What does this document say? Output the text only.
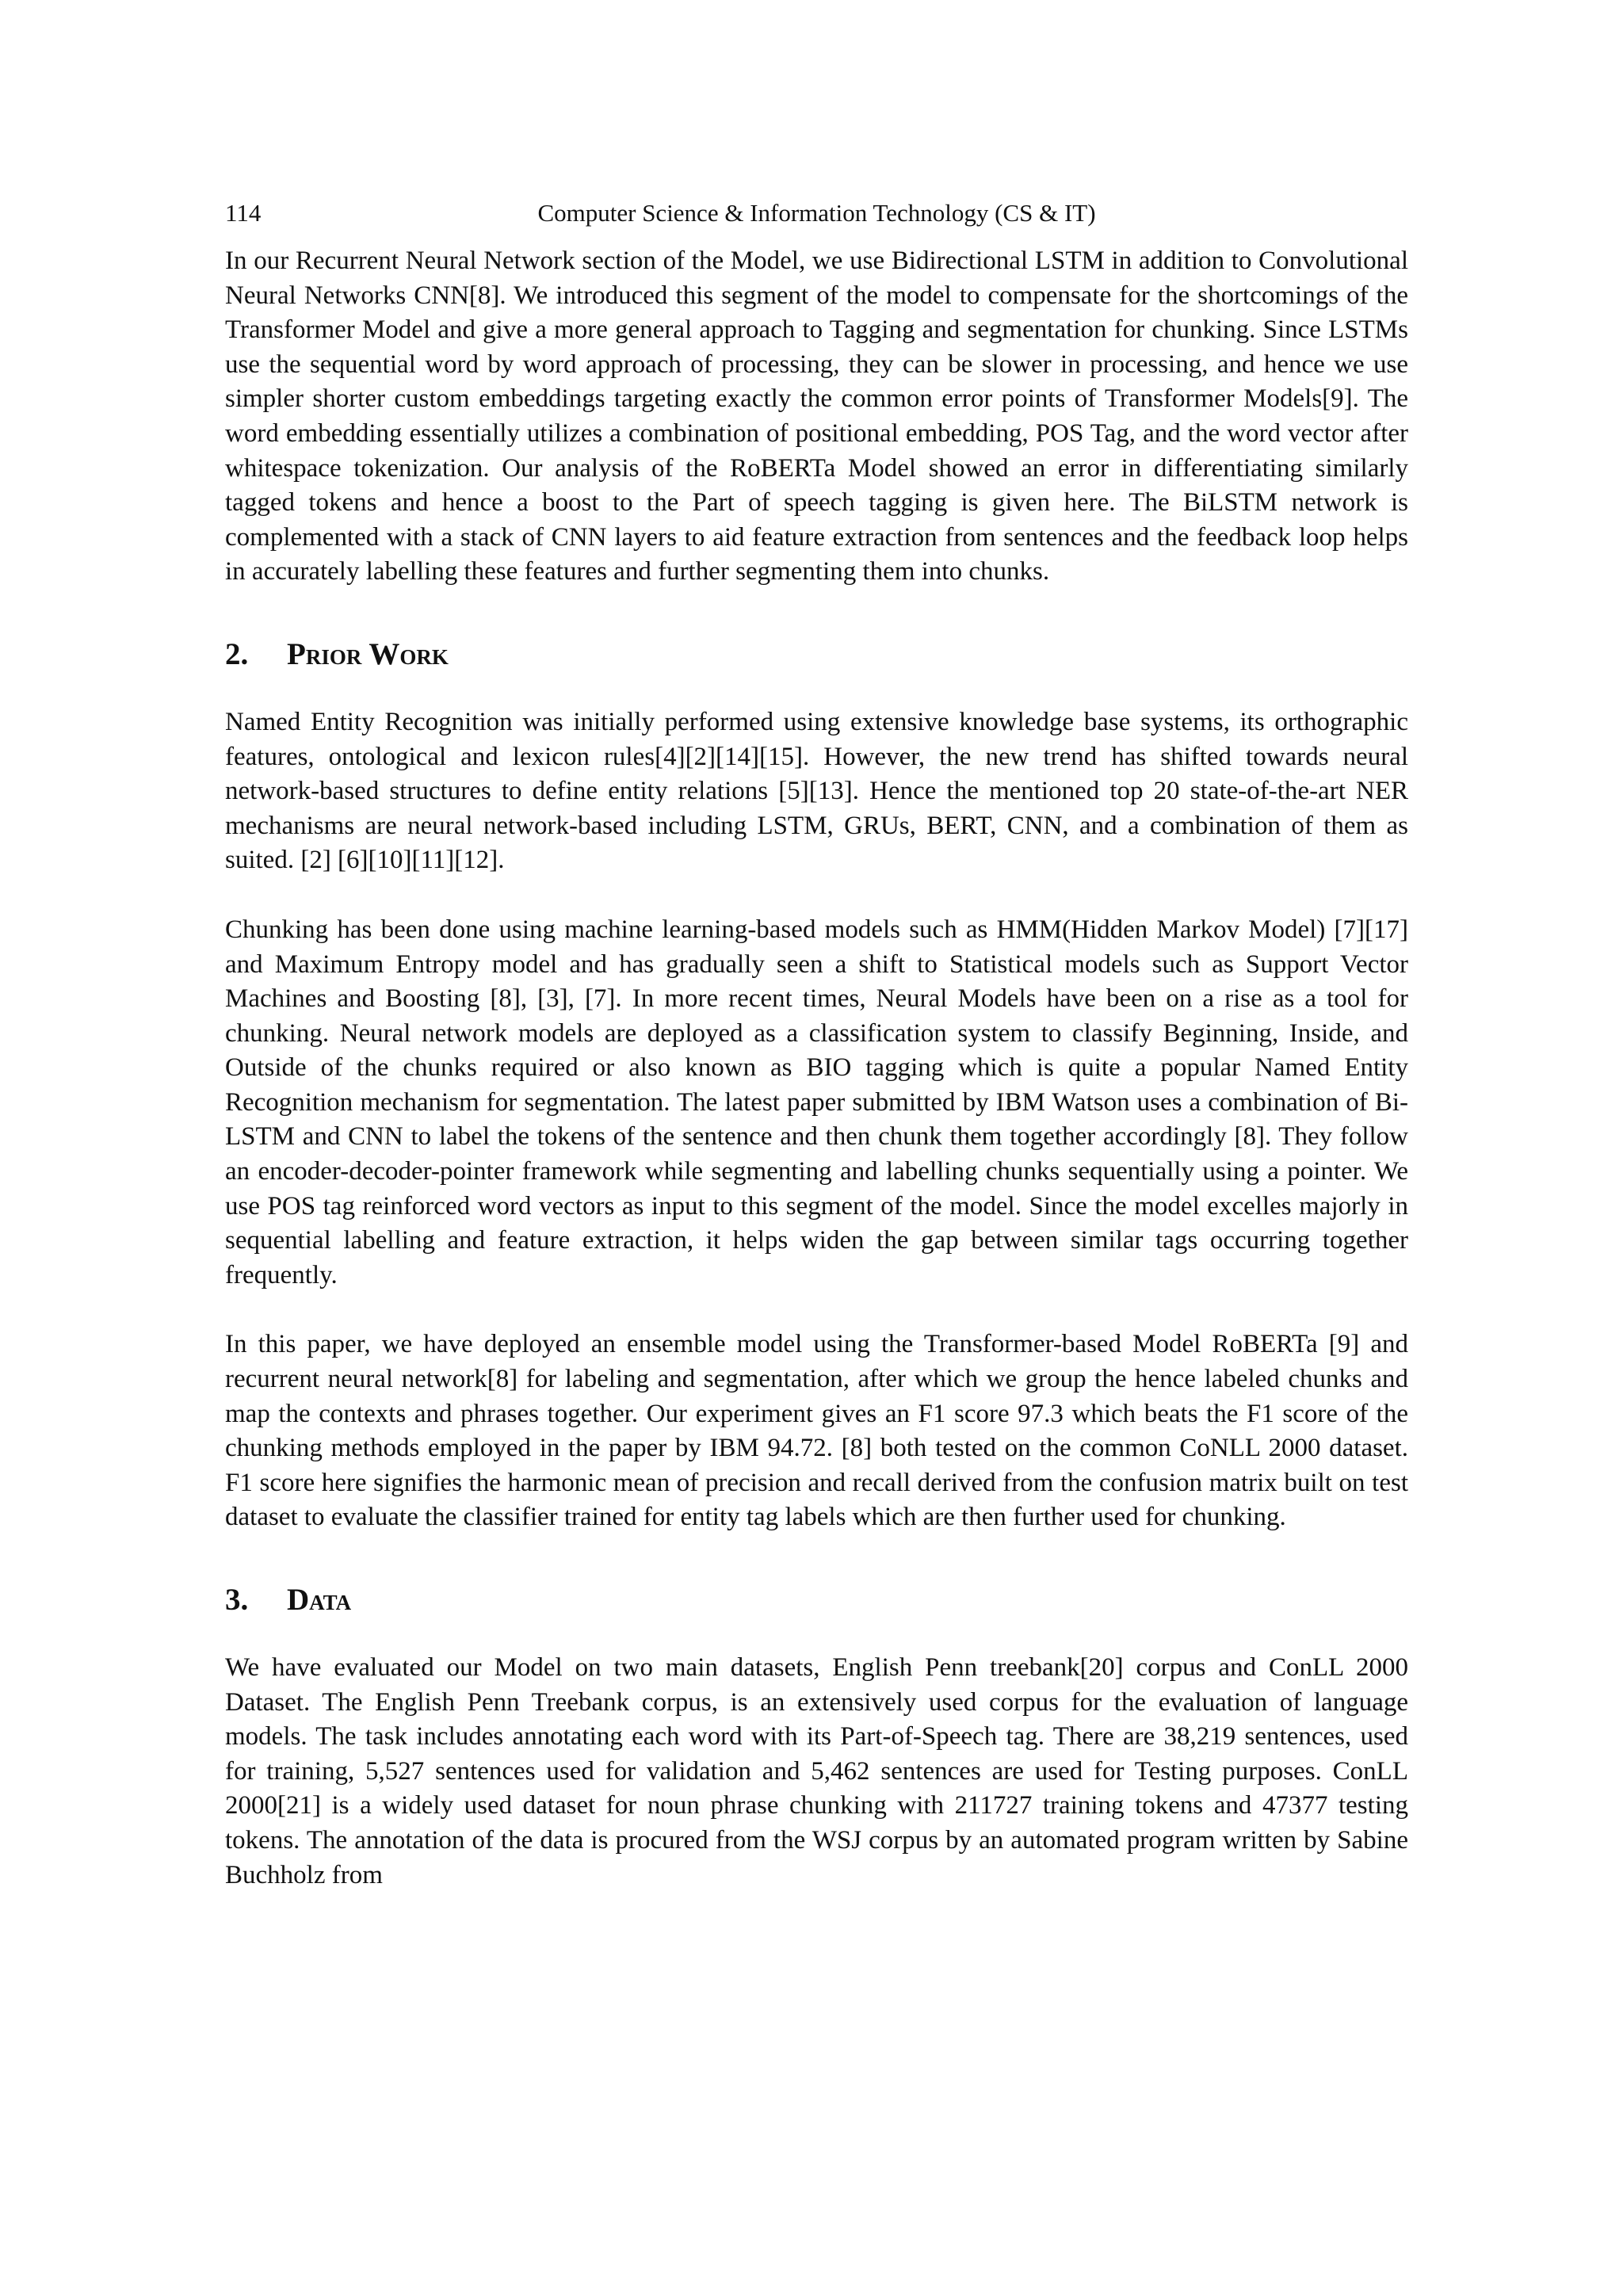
114	Computer Science & Information Technology (CS & IT)

In our Recurrent Neural Network section of the Model, we use Bidirectional LSTM in addition to Convolutional Neural Networks CNN[8]. We introduced this segment of the model to compensate for the shortcomings of the Transformer Model and give a more general approach to Tagging and segmentation for chunking. Since LSTMs use the sequential word by word approach of processing, they can be slower in processing, and hence we use simpler shorter custom embeddings targeting exactly the common error points of Transformer Models[9]. The word embedding essentially utilizes a combination of positional embedding, POS Tag, and the word vector after whitespace tokenization. Our analysis of the RoBERTa Model showed an error in differentiating similarly tagged tokens and hence a boost to the Part of speech tagging is given here. The BiLSTM network is complemented with a stack of CNN layers to aid feature extraction from sentences and the feedback loop helps in accurately labelling these features and further segmenting them into chunks.

2. Prior Work

Named Entity Recognition was initially performed using extensive knowledge base systems, its orthographic features, ontological and lexicon rules[4][2][14][15]. However, the new trend has shifted towards neural network-based structures to define entity relations [5][13]. Hence the mentioned top 20 state-of-the-art NER mechanisms are neural network-based including LSTM, GRUs, BERT, CNN, and a combination of them as suited. [2] [6][10][11][12].

Chunking has been done using machine learning-based models such as HMM(Hidden Markov Model) [7][17] and Maximum Entropy model and has gradually seen a shift to Statistical models such as Support Vector Machines and Boosting [8], [3], [7]. In more recent times, Neural Models have been on a rise as a tool for chunking. Neural network models are deployed as a classification system to classify Beginning, Inside, and Outside of the chunks required or also known as BIO tagging which is quite a popular Named Entity Recognition mechanism for segmentation. The latest paper submitted by IBM Watson uses a combination of Bi-LSTM and CNN to label the tokens of the sentence and then chunk them together accordingly [8]. They follow an encoder-decoder-pointer framework while segmenting and labelling chunks sequentially using a pointer. We use POS tag reinforced word vectors as input to this segment of the model. Since the model excelles majorly in sequential labelling and feature extraction, it helps widen the gap between similar tags occurring together frequently.

In this paper, we have deployed an ensemble model using the Transformer-based Model RoBERTa [9] and recurrent neural network[8] for labeling and segmentation, after which we group the hence labeled chunks and map the contexts and phrases together. Our experiment gives an F1 score 97.3 which beats the F1 score of the chunking methods employed in the paper by IBM 94.72. [8] both tested on the common CoNLL 2000 dataset. F1 score here signifies the harmonic mean of precision and recall derived from the confusion matrix built on test dataset to evaluate the classifier trained for entity tag labels which are then further used for chunking.

3. Data

We have evaluated our Model on two main datasets, English Penn treebank[20] corpus and ConLL 2000 Dataset. The English Penn Treebank corpus, is an extensively used corpus for the evaluation of language models. The task includes annotating each word with its Part-of-Speech tag. There are 38,219 sentences, used for training, 5,527 sentences used for validation and 5,462 sentences are used for Testing purposes. ConLL 2000[21] is a widely used dataset for noun phrase chunking with 211727 training tokens and 47377 testing tokens. The annotation of the data is procured from the WSJ corpus by an automated program written by Sabine Buchholz from
